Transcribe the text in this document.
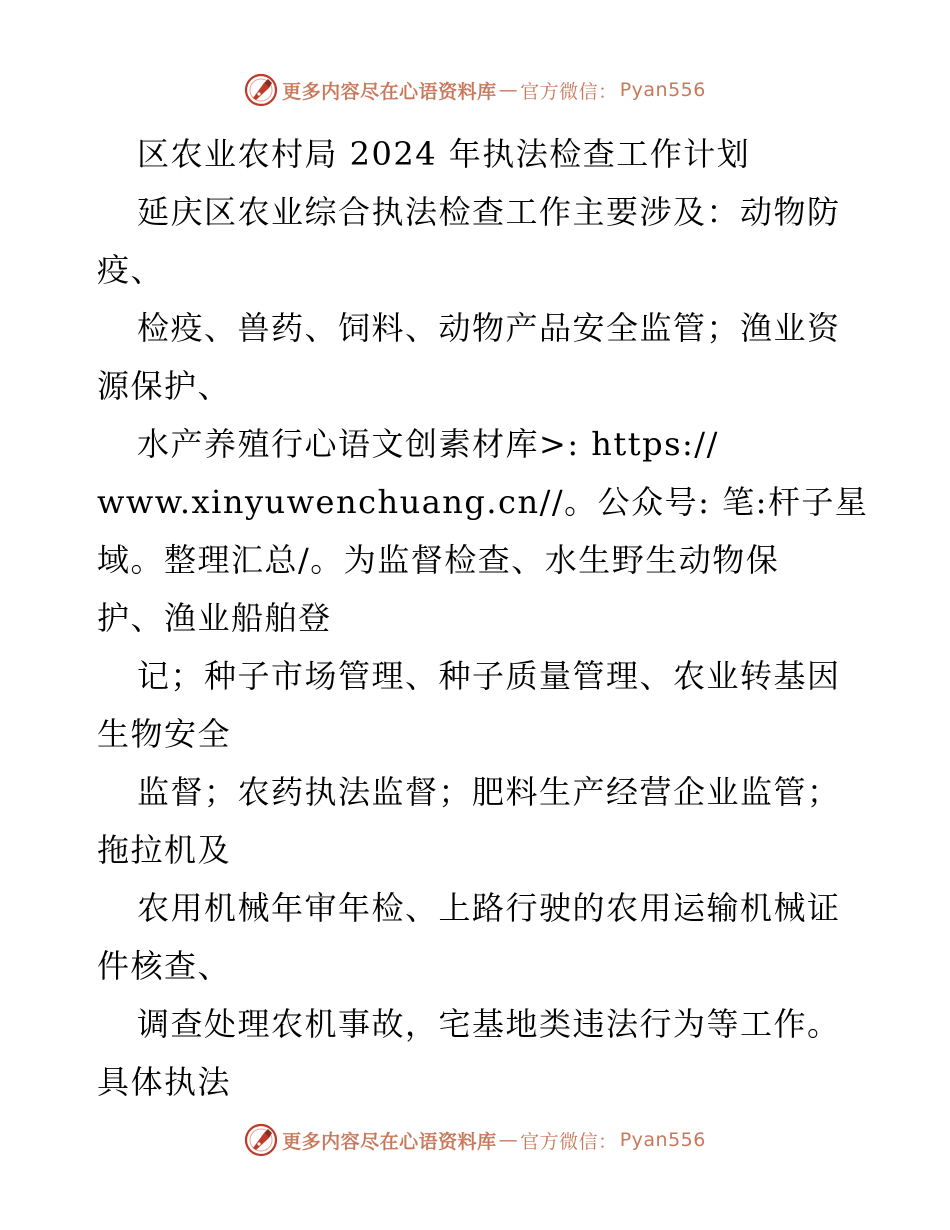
更多内容尽在心语资料库 — 官方微信： Pyan556
区农业农村局 2024 年执法检查工作计划
延庆区农业综合执法检查工作主要涉及：动物防
疫、
检疫、兽药、饲料、动物产品安全监管；渔业资
源保护、
水产养殖行心语文创素材库>: https://
www.xinyuwenchuang.cn//。公众号: 笔:杆子星
域。整理汇总/。为监督检查、水生野生动物保
护、渔业船舶登
记；种子市场管理、种子质量管理、农业转基因
生物安全
监督；农药执法监督；肥料生产经营企业监管；
拖拉机及
农用机械年审年检、上路行驶的农用运输机械证
件核查、
调查处理农机事故，宅基地类违法行为等工作。
具体执法
更多内容尽在心语资料库 — 官方微信： Pyan556
